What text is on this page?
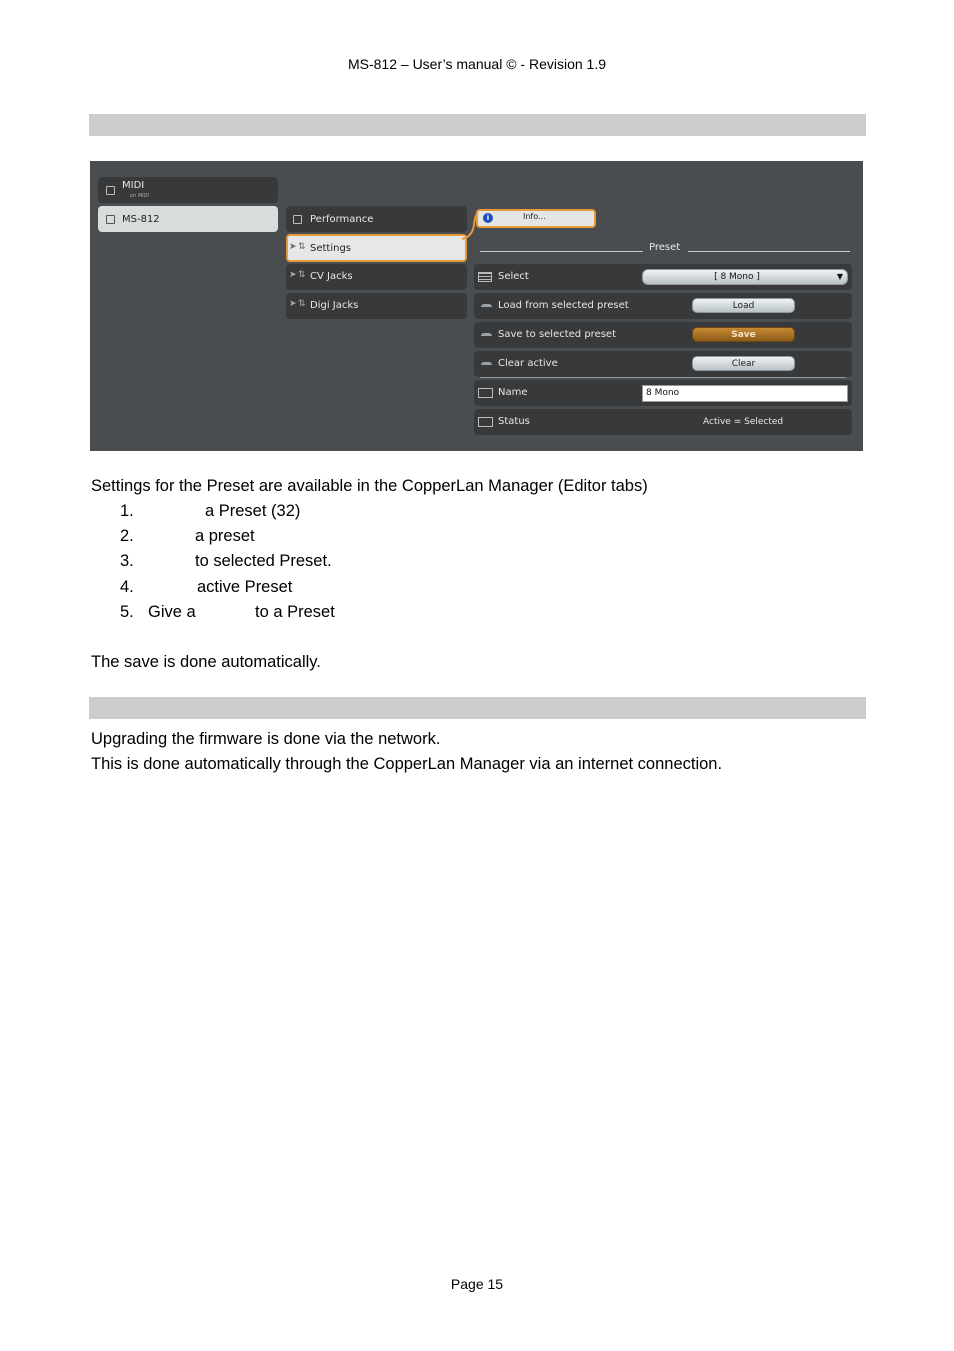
MS-812 – User’s manual © - Revision 1.9
MIDI
on MIDI
MS-812	Performance
➤ ⇅ Settings
➤ ⇅ CV Jacks
➤ ⇅ Digi Jacks
i	Info...
Preset
Select	[ 8 Mono ]	▼
Load from selected preset	Load
Save to selected preset	Save
Clear active	Clear
Name	8 Mono
Status	Active = Selected
Settings for the Preset are available in the CopperLan Manager (Editor tabs)
1.	a Preset (32)
2.	a preset
3.	to selected Preset.
4.	active Preset
5. Give a	to a Preset
The save is done automatically.
Upgrading the firmware is done via the network.
This is done automatically through the CopperLan Manager via an internet connection.
Page 15
